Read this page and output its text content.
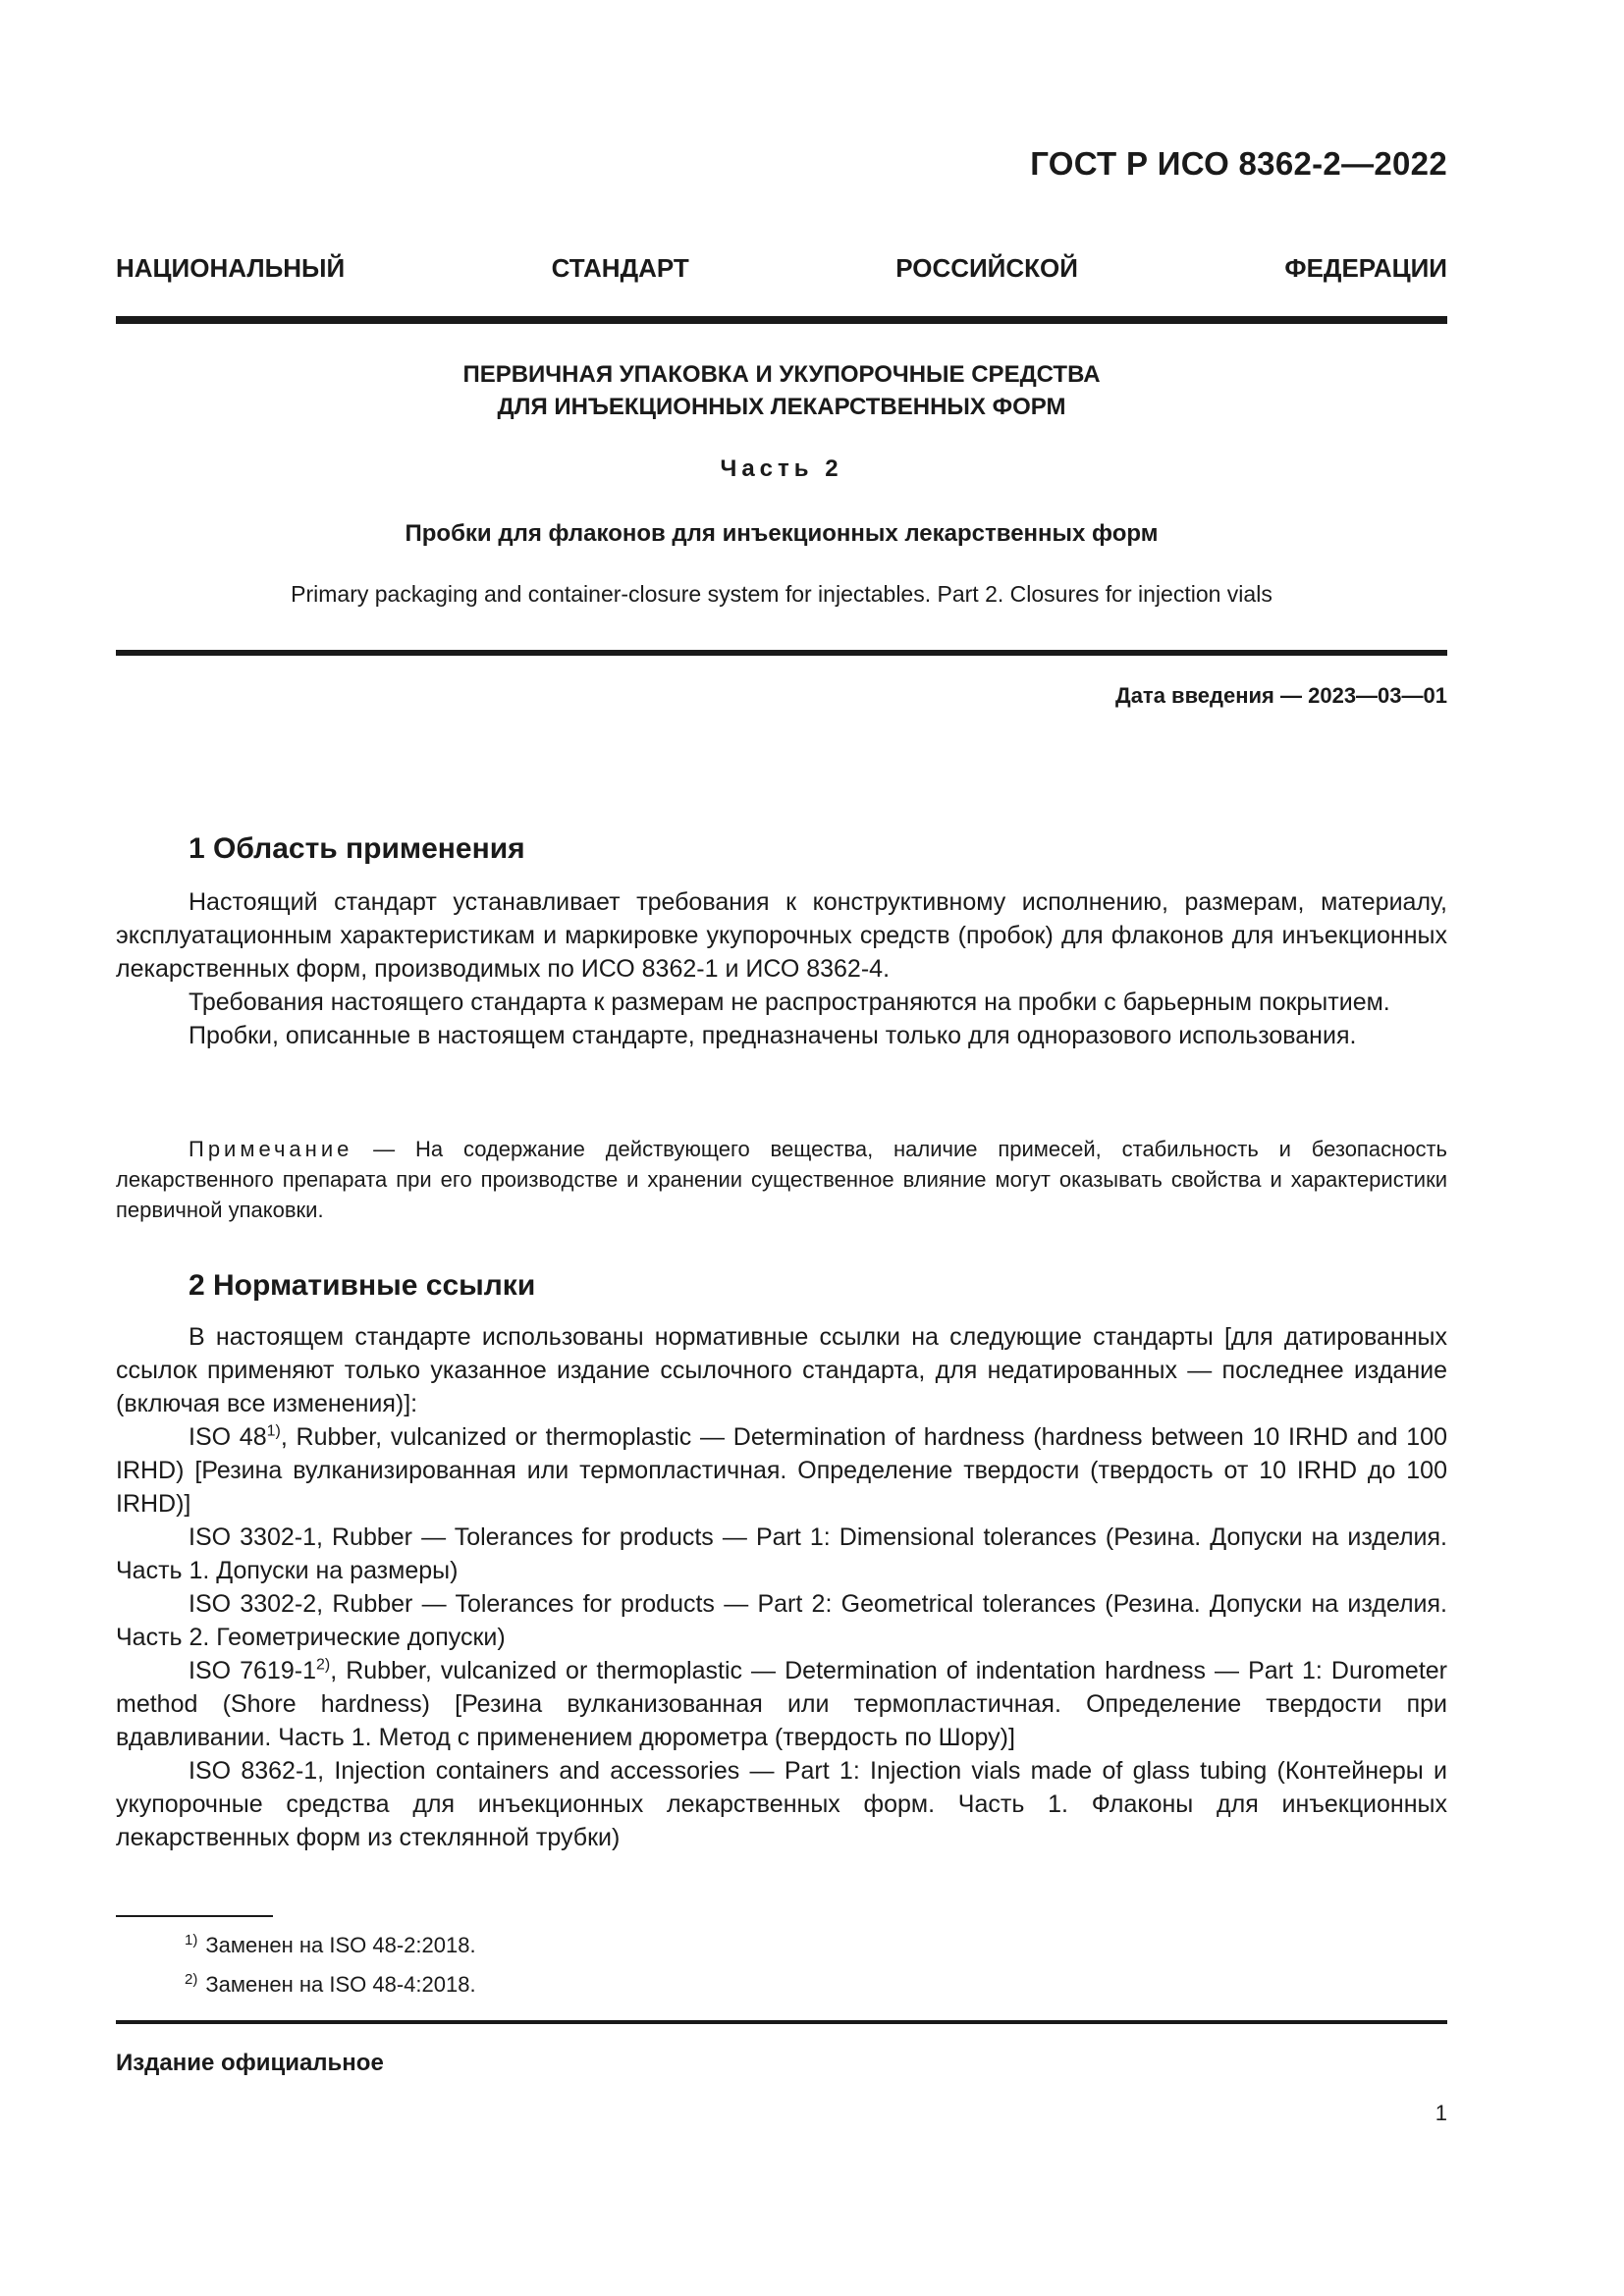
ГОСТ Р ИСО 8362-2—2022
НАЦИОНАЛЬНЫЙ СТАНДАРТ РОССИЙСКОЙ ФЕДЕРАЦИИ
ПЕРВИЧНАЯ УПАКОВКА И УКУПОРОЧНЫЕ СРЕДСТВА
ДЛЯ ИНЪЕКЦИОННЫХ ЛЕКАРСТВЕННЫХ ФОРМ
Часть 2
Пробки для флаконов для инъекционных лекарственных форм
Primary packaging and container-closure system for injectables. Part 2. Closures for injection vials
Дата введения — 2023—03—01
1 Область применения

Настоящий стандарт устанавливает требования к конструктивному исполнению, размерам, материалу, эксплуатационным характеристикам и маркировке укупорочных средств (пробок) для флаконов для инъекционных лекарственных форм, производимых по ИСО 8362-1 и ИСО 8362-4.

Требования настоящего стандарта к размерам не распространяются на пробки с барьерным покрытием.

Пробки, описанные в настоящем стандарте, предназначены только для одноразового использования.

Примечание — На содержание действующего вещества, наличие примесей, стабильность и безопасность лекарственного препарата при его производстве и хранении существенное влияние могут оказывать свойства и характеристики первичной упаковки.

2 Нормативные ссылки

В настоящем стандарте использованы нормативные ссылки на следующие стандарты [для датированных ссылок применяют только указанное издание ссылочного стандарта, для недатированных — последнее издание (включая все изменения)]:

ISO 48$^{1)}$, Rubber, vulcanized or thermoplastic — Determination of hardness (hardness between 10 IRHD and 100 IRHD) [Резина вулканизированная или термопластичная. Определение твердости (твердость от 10 IRHD до 100 IRHD)]

ISO 3302-1, Rubber — Tolerances for products — Part 1: Dimensional tolerances (Резина. Допуски на изделия. Часть 1. Допуски на размеры)

ISO 3302-2, Rubber — Tolerances for products — Part 2: Geometrical tolerances (Резина. Допуски на изделия. Часть 2. Геометрические допуски)

ISO 7619-1$^{2)}$, Rubber, vulcanized or thermoplastic — Determination of indentation hardness — Part 1: Durometer method (Shore hardness) [Резина вулканизованная или термопластичная. Определение твердости при вдавливании. Часть 1. Метод с применением дюрометра (твердость по Шору)]

ISO 8362-1, Injection containers and accessories — Part 1: Injection vials made of glass tubing (Контейнеры и укупорочные средства для инъекционных лекарственных форм. Часть 1. Флаконы для инъекционных лекарственных форм из стеклянной трубки)

$^{1)}$ Заменен на ISO 48-2:2018.
$^{2)}$ Заменен на ISO 48-4:2018.
Издание официальное
1
